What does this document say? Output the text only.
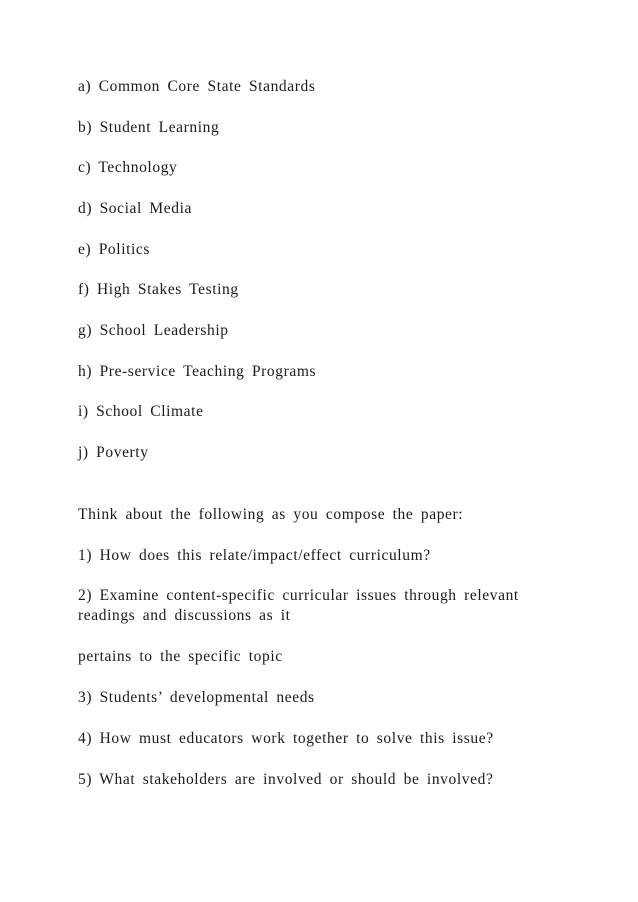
a) Common Core State Standards
b) Student Learning
c) Technology
d) Social Media
e) Politics
f) High Stakes Testing
g) School Leadership
h) Pre-service Teaching Programs
i) School Climate
j) Poverty
Think about the following as you compose the paper:
1) How does this relate/impact/effect curriculum?
2) Examine content-specific curricular issues through relevant
readings and discussions as it
pertains to the specific topic
3) Students’ developmental needs
4) How must educators work together to solve this issue?
5) What stakeholders are involved or should be involved?
